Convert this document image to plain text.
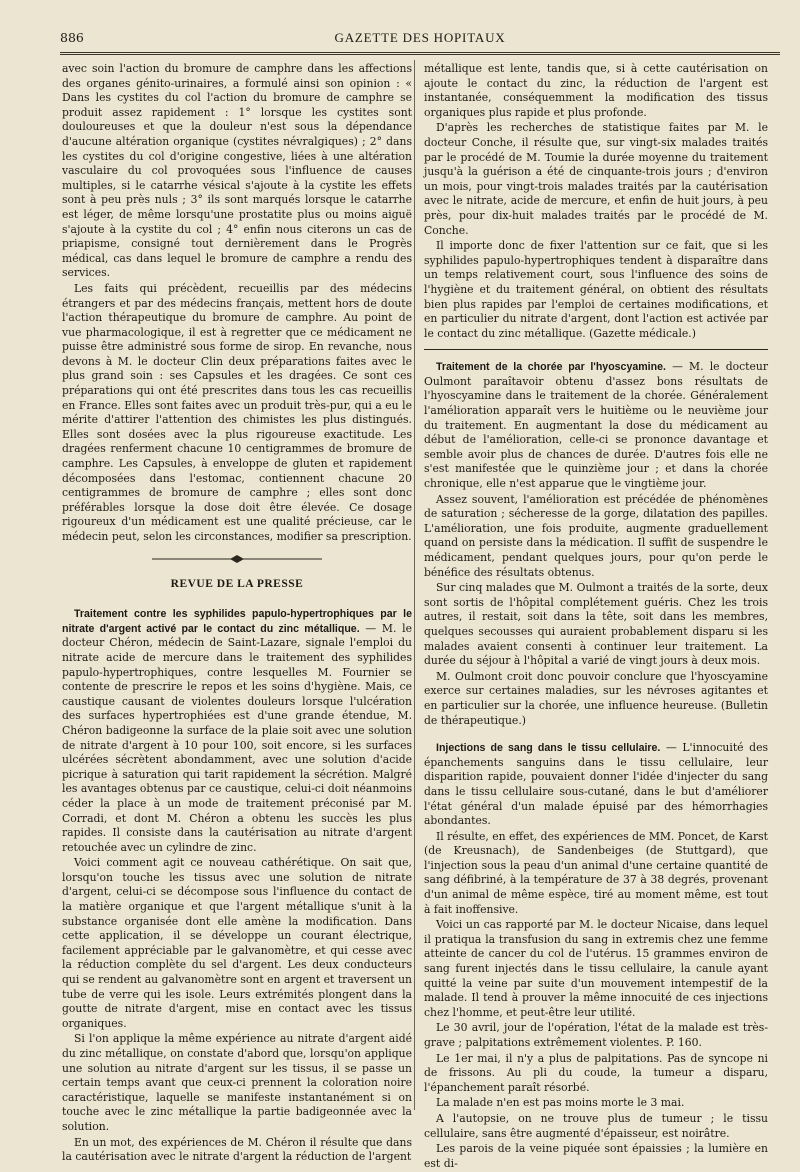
886	GAZETTE DES HOPITAUX

avec soin l'action du bromure de camphre dans les affections des organes génito-urinaires, a formulé ainsi son opinion : « Dans les cystites du col l'action du bromure de camphre se produit assez rapidement : 1° lorsque les cystites sont douloureuses et que la douleur n'est sous la dépendance d'aucune altération organique (cystites névralgiques) ; 2° dans les cystites du col d'origine congestive, liées à une altération vasculaire du col provoquées sous l'influence de causes multiples, si le catarrhe vésical s'ajoute à la cystite les effets sont à peu près nuls ; 3° ils sont marqués lorsque le catarrhe est léger, de même lorsqu'une prostatite plus ou moins aiguë s'ajoute à la cystite du col ; 4° enfin nous citerons un cas de priapisme, consigné tout dernièrement dans le Progrès médical, cas dans lequel le bromure de camphre a rendu des services.

Les faits qui précèdent, recueillis par des médecins étrangers et par des médecins français, mettent hors de doute l'action thérapeutique du bromure de camphre. Au point de vue pharmacologique, il est à regretter que ce médicament ne puisse être administré sous forme de sirop. En revanche, nous devons à M. le docteur Clin deux préparations faites avec le plus grand soin : ses Capsules et les dragées. Ce sont ces préparations qui ont été prescrites dans tous les cas recueillis en France. Elles sont faites avec un produit très-pur, qui a eu le mérite d'attirer l'attention des chimistes les plus distingués. Elles sont dosées avec la plus rigoureuse exactitude. Les dragées renferment chacune 10 centigrammes de bromure de camphre. Les Capsules, à enveloppe de gluten et rapidement décomposées dans l'estomac, contiennent chacune 20 centigrammes de bromure de camphre ; elles sont donc préférables lorsque la dose doit être élevée. Ce dosage rigoureux d'un médicament est une qualité précieuse, car le médecin peut, selon les circonstances, modifier sa prescription.

REVUE DE LA PRESSE

Traitement contre les syphilides papulo-hypertrophiques par le nitrate d'argent activé par le contact du zinc métallique. — M. le docteur Chéron, médecin de Saint-Lazare, signale l'emploi du nitrate acide de mercure dans le traitement des syphilides papulo-hypertrophiques, contre lesquelles M. Fournier se contente de prescrire le repos et les soins d'hygiène. Mais, ce caustique causant de violentes douleurs lorsque l'ulcération des surfaces hypertrophiées est d'une grande étendue, M. Chéron badigeonne la surface de la plaie soit avec une solution de nitrate d'argent à 10 pour 100, soit encore, si les surfaces ulcérées sécrètent abondamment, avec une solution d'acide picrique à saturation qui tarit rapidement la sécrétion. Malgré les avantages obtenus par ce caustique, celui-ci doit néanmoins céder la place à un mode de traitement préconisé par M. Corradi, et dont M. Chéron a obtenu les succès les plus rapides. Il consiste dans la cautérisation au nitrate d'argent retouchée avec un cylindre de zinc.

Voici comment agit ce nouveau cathérétique. On sait que, lorsqu'on touche les tissus avec une solution de nitrate d'argent, celui-ci se décompose sous l'influence du contact de la matière organique et que l'argent métallique s'unit à la substance organisée dont elle amène la modification. Dans cette application, il se développe un courant électrique, facilement appréciable par le galvanomètre, et qui cesse avec la réduction complète du sel d'argent. Les deux conducteurs qui se rendent au galvanomètre sont en argent et traversent un tube de verre qui les isole. Leurs extrémités plongent dans la goutte de nitrate d'argent, mise en contact avec les tissus organiques.

Si l'on applique la même expérience au nitrate d'argent aidé du zinc métallique, on constate d'abord que, lorsqu'on applique une solution au nitrate d'argent sur les tissus, il se passe un certain temps avant que ceux-ci prennent la coloration noire caractéristique, laquelle se manifeste instantanément si on touche avec le zinc métallique la partie badigeonnée avec la solution.

En un mot, des expériences de M. Chéron il résulte que dans la cautérisation avec le nitrate d'argent la réduction de l'argent

métallique est lente, tandis que, si à cette cautérisation on ajoute le contact du zinc, la réduction de l'argent est instantanée, conséquemment la modification des tissus organiques plus rapide et plus profonde.

D'après les recherches de statistique faites par M. le docteur Conche, il résulte que, sur vingt-six malades traités par le procédé de M. Toumie la durée moyenne du traitement jusqu'à la guérison a été de cinquante-trois jours ; d'environ un mois, pour vingt-trois malades traités par la cautérisation avec le nitrate, acide de mercure, et enfin de huit jours, à peu près, pour dix-huit malades traités par le procédé de M. Conche.

Il importe donc de fixer l'attention sur ce fait, que si les syphilides papulo-hypertrophiques tendent à disparaître dans un temps relativement court, sous l'influence des soins de l'hygiène et du traitement général, on obtient des résultats bien plus rapides par l'emploi de certaines modifications, et en particulier du nitrate d'argent, dont l'action est activée par le contact du zinc métallique. (Gazette médicale.)

Traitement de la chorée par l'hyoscyamine. — M. le docteur Oulmont paraîtavoir obtenu d'assez bons résultats de l'hyoscyamine dans le traitement de la chorée. Généralement l'amélioration apparaît vers le huitième ou le neuvième jour du traitement. En augmentant la dose du médicament au début de l'amélioration, celle-ci se prononce davantage et semble avoir plus de chances de durée. D'autres fois elle ne s'est manifestée que le quinzième jour ; et dans la chorée chronique, elle n'est apparue que le vingtième jour.

Assez souvent, l'amélioration est précédée de phénomènes de saturation ; sécheresse de la gorge, dilatation des papilles. L'amélioration, une fois produite, augmente graduellement quand on persiste dans la médication. Il suffit de suspendre le médicament, pendant quelques jours, pour qu'on perde le bénéfice des résultats obtenus.

Sur cinq malades que M. Oulmont a traités de la sorte, deux sont sortis de l'hôpital complétement guéris. Chez les trois autres, il restait, soit dans la tête, soit dans les membres, quelques secousses qui auraient probablement disparu si les malades avaient consenti à continuer leur traitement. La durée du séjour à l'hôpital a varié de vingt jours à deux mois.

M. Oulmont croit donc pouvoir conclure que l'hyoscyamine exerce sur certaines maladies, sur les névroses agitantes et en particulier sur la chorée, une influence heureuse. (Bulletin de thérapeutique.)

Injections de sang dans le tissu cellulaire. — L'innocuité des épanchements sanguins dans le tissu cellulaire, leur disparition rapide, pouvaient donner l'idée d'injecter du sang dans le tissu cellulaire sous-cutané, dans le but d'améliorer l'état général d'un malade épuisé par des hémorrhagies abondantes.

Il résulte, en effet, des expériences de MM. Poncet, de Karst (de Kreusnach), de Sandenbeiges (de Stuttgard), que l'injection sous la peau d'un animal d'une certaine quantité de sang défibriné, à la température de 37 à 38 degrés, provenant d'un animal de même espèce, tiré au moment même, est tout à fait inoffensive.

Voici un cas rapporté par M. le docteur Nicaise, dans lequel il pratiqua la transfusion du sang in extremis chez une femme atteinte de cancer du col de l'utérus. 15 grammes environ de sang furent injectés dans le tissu cellulaire, la canule ayant quitté la veine par suite d'un mouvement intempestif de la malade. Il tend à prouver la même innocuité de ces injections chez l'homme, et peut-être leur utilité.

Le 30 avril, jour de l'opération, l'état de la malade est très-grave ; palpitations extrêmement violentes. P. 160.

Le 1er mai, il n'y a plus de palpitations. Pas de syncope ni de frissons. Au pli du coude, la tumeur a disparu, l'épanchement paraît résorbé.

La malade n'en est pas moins morte le 3 mai.

A l'autopsie, on ne trouve plus de tumeur ; le tissu cellulaire, sans être augmenté d'épaisseur, est noirâtre.

Les parois de la veine piquée sont épaissies ; la lumière en est di-
